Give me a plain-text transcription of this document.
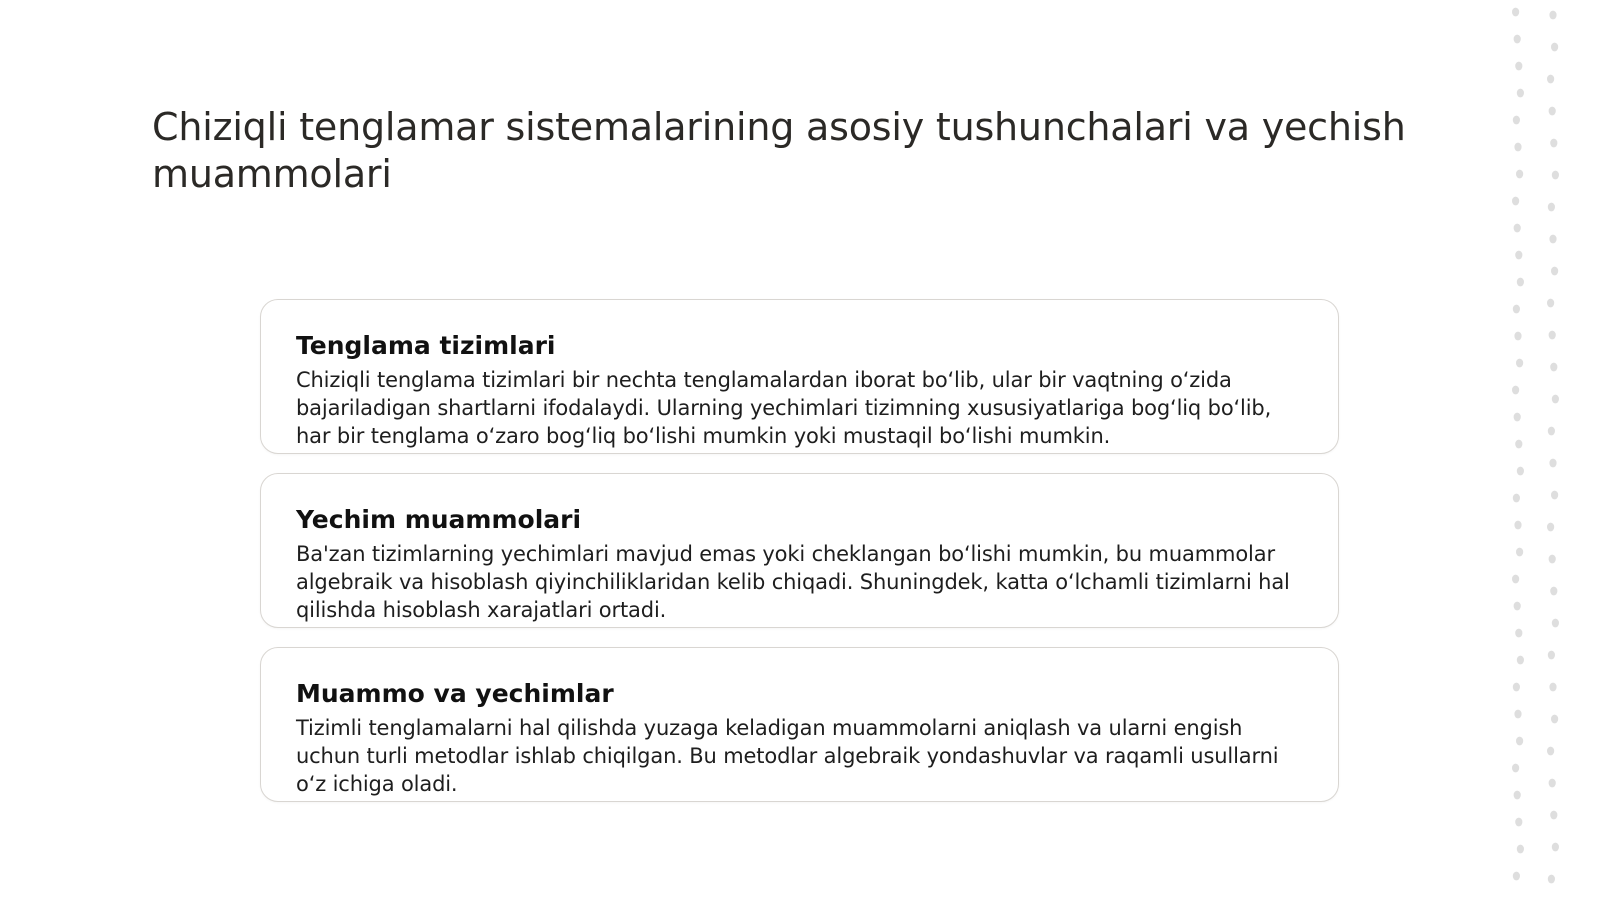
Chiziqli tenglamar sistemalarining asosiy tushunchalari va yechish muammolari
Tenglama tizimlari

Chiziqli tenglama tizimlari bir nechta tenglamalardan iborat bo‘lib, ular bir vaqtning o‘zida bajariladigan shartlarni ifodalaydi. Ularning yechimlari tizimning xususiyatlariga bog‘liq bo‘lib, har bir tenglama o‘zaro bog‘liq bo‘lishi mumkin yoki mustaqil bo‘lishi mumkin.

Yechim muammolari

Ba'zan tizimlarning yechimlari mavjud emas yoki cheklangan bo‘lishi mumkin, bu muammolar algebraik va hisoblash qiyinchiliklaridan kelib chiqadi. Shuningdek, katta o‘lchamli tizimlarni hal qilishda hisoblash xarajatlari ortadi.

Muammo va yechimlar

Tizimli tenglamalarni hal qilishda yuzaga keladigan muammolarni aniqlash va ularni engish uchun turli metodlar ishlab chiqilgan. Bu metodlar algebraik yondashuvlar va raqamli usullarni o‘z ichiga oladi.
